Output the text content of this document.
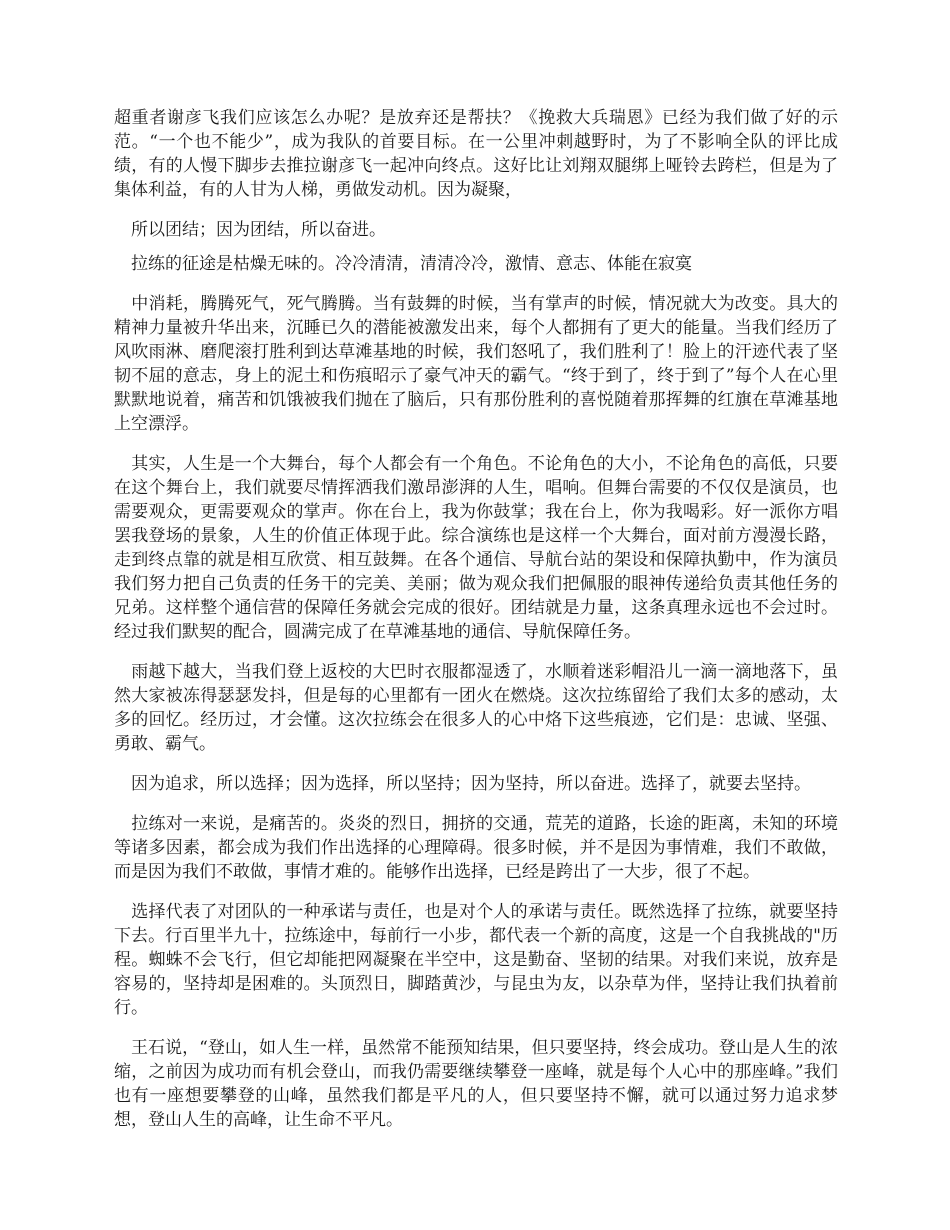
超重者谢彦飞我们应该怎么办呢？是放弃还是帮扶？《挽救大兵瑞恩》已经为我们做了好的示范。“一个也不能少”，成为我队的首要目标。在一公里冲刺越野时，为了不影响全队的评比成绩，有的人慢下脚步去推拉谢彦飞一起冲向终点。这好比让刘翔双腿绑上哑铃去跨栏，但是为了集体利益，有的人甘为人梯，勇做发动机。因为凝聚，

　所以团结；因为团结，所以奋进。

　拉练的征途是枯燥无味的。冷冷清清，清清冷冷，激情、意志、体能在寂寞

　中消耗，腾腾死气，死气腾腾。当有鼓舞的时候，当有掌声的时候，情况就大为改变。具大的精神力量被升华出来，沉睡已久的潜能被激发出来，每个人都拥有了更大的能量。当我们经历了风吹雨淋、磨爬滚打胜利到达草滩基地的时候，我们怒吼了，我们胜利了！脸上的汗迹代表了坚韧不屈的意志，身上的泥土和伤痕昭示了豪气冲天的霸气。“终于到了，终于到了”每个人在心里默默地说着，痛苦和饥饿被我们抛在了脑后，只有那份胜利的喜悦随着那挥舞的红旗在草滩基地上空漂浮。

　其实，人生是一个大舞台，每个人都会有一个角色。不论角色的大小，不论角色的高低，只要在这个舞台上，我们就要尽情挥洒我们激昂澎湃的人生，唱响。但舞台需要的不仅仅是演员，也需要观众，更需要观众的掌声。你在台上，我为你鼓掌；我在台上，你为我喝彩。好一派你方唱罢我登场的景象，人生的价值正体现于此。综合演练也是这样一个大舞台，面对前方漫漫长路，走到终点靠的就是相互欣赏、相互鼓舞。在各个通信、导航台站的架设和保障执勤中，作为演员我们努力把自己负责的任务干的完美、美丽；做为观众我们把佩服的眼神传递给负责其他任务的兄弟。这样整个通信营的保障任务就会完成的很好。团结就是力量，这条真理永远也不会过时。经过我们默契的配合，圆满完成了在草滩基地的通信、导航保障任务。

　雨越下越大，当我们登上返校的大巴时衣服都湿透了，水顺着迷彩帽沿儿一滴一滴地落下，虽然大家被冻得瑟瑟发抖，但是每的心里都有一团火在燃烧。这次拉练留给了我们太多的感动，太多的回忆。经历过，才会懂。这次拉练会在很多人的心中烙下这些痕迹，它们是：忠诚、坚强、勇敢、霸气。

　因为追求，所以选择；因为选择，所以坚持；因为坚持，所以奋进。选择了，就要去坚持。

　拉练对一来说，是痛苦的。炎炎的烈日，拥挤的交通，荒芜的道路，长途的距离，未知的环境等诸多因素，都会成为我们作出选择的心理障碍。很多时候，并不是因为事情难，我们不敢做，而是因为我们不敢做，事情才难的。能够作出选择，已经是跨出了一大步，很了不起。

　选择代表了对团队的一种承诺与责任，也是对个人的承诺与责任。既然选择了拉练，就要坚持下去。行百里半九十，拉练途中，每前行一小步，都代表一个新的高度，这是一个自我挑战的"历程。蜘蛛不会飞行，但它却能把网凝聚在半空中，这是勤奋、坚韧的结果。对我们来说，放弃是容易的，坚持却是困难的。头顶烈日，脚踏黄沙，与昆虫为友，以杂草为伴，坚持让我们执着前行。

　王石说，“登山，如人生一样，虽然常不能预知结果，但只要坚持，终会成功。登山是人生的浓缩，之前因为成功而有机会登山，而我仍需要继续攀登一座峰，就是每个人心中的那座峰。”我们也有一座想要攀登的山峰，虽然我们都是平凡的人，但只要坚持不懈，就可以通过努力追求梦想，登山人生的高峰，让生命不平凡。
